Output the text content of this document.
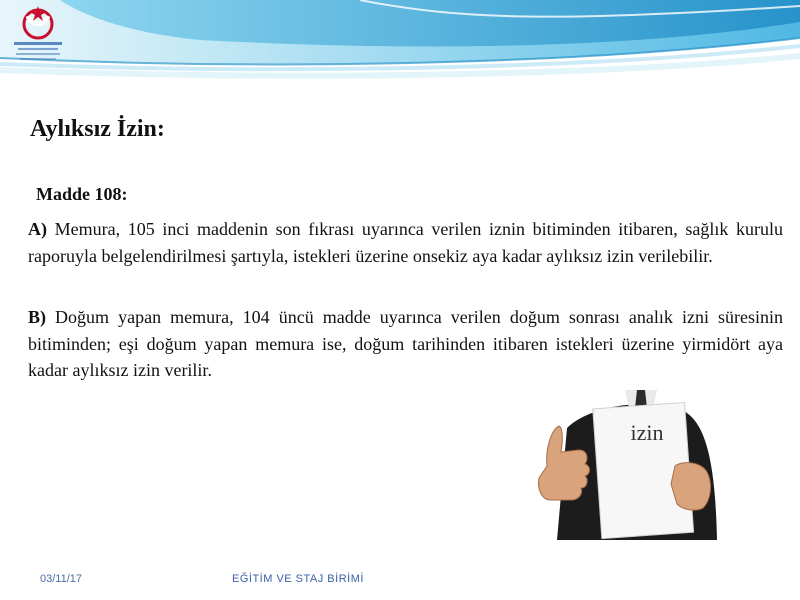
Aylıksız İzin:

Madde 108:

A) Memura, 105 inci maddenin son fıkrası uyarınca verilen iznin bitiminden itibaren, sağlık kurulu raporuyla belgelendirilmesi şartıyla, istekleri üzerine onsekiz aya kadar aylıksız izin verilebilir.

B) Doğum yapan memura, 104 üncü madde uyarınca verilen doğum sonrası analık izni süresinin bitiminden; eşi doğum yapan memura ise, doğum tarihinden itibaren istekleri üzerine yirmidört aya kadar aylıksız izin verilir.

izin
03/11/17	EĞİTİM VE STAJ BİRİMİ
